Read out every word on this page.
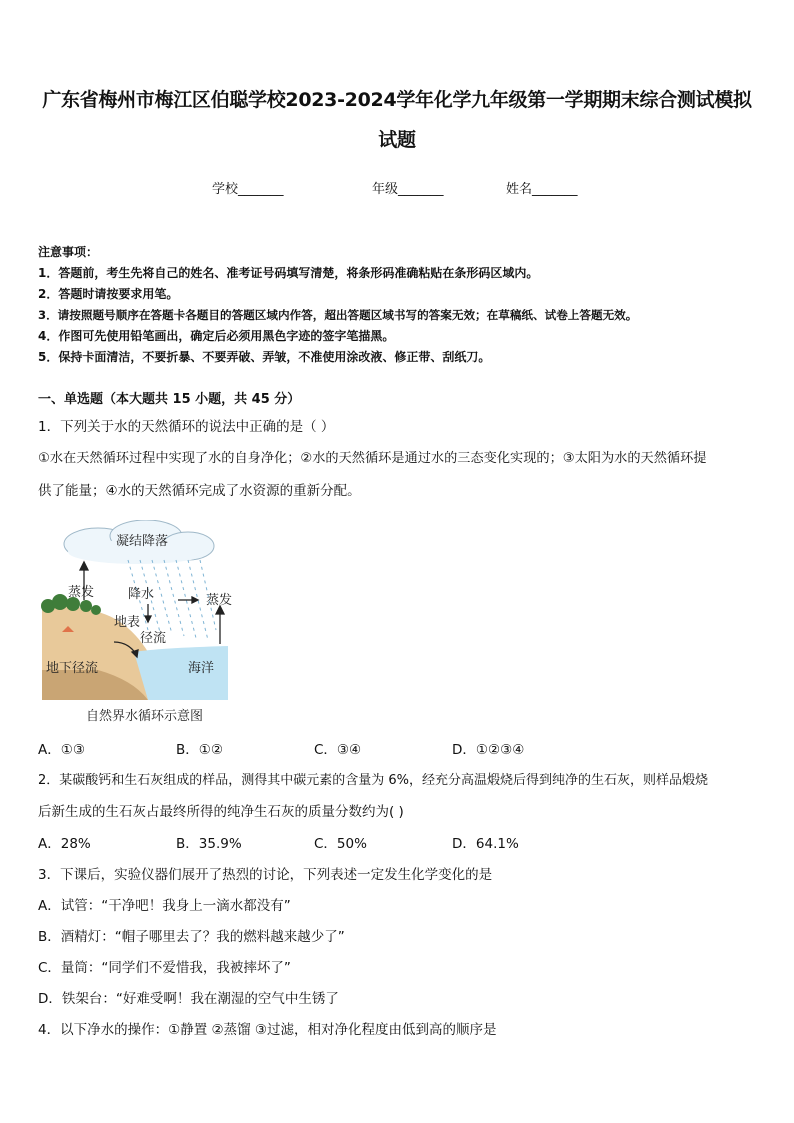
广东省梅州市梅江区伯聪学校2023-2024学年化学九年级第一学期期末综合测试模拟
试题
学校_______	年级_______	姓名_______
注意事项：
1．答题前，考生先将自己的姓名、准考证号码填写清楚，将条形码准确粘贴在条形码区域内。
2．答题时请按要求用笔。
3．请按照题号顺序在答题卡各题目的答题区域内作答，超出答题区域书写的答案无效；在草稿纸、试卷上答题无效。
4．作图可先使用铅笔画出，确定后必须用黑色字迹的签字笔描黑。
5．保持卡面清洁，不要折暴、不要弄破、弄皱，不准使用涂改液、修正带、刮纸刀。
一、单选题（本大题共 15 小题，共 45 分）
1．下列关于水的天然循环的说法中正确的是（ ）
①水在天然循环过程中实现了水的自身净化；②水的天然循环是通过水的三态变化实现的；③太阳为水的天然循环提
供了能量；④水的天然循环完成了水资源的重新分配。
凝结降落
蒸发	降水	蒸发
地表
径流
地下径流	海洋
自然界水循环示意图
A．①③	B．①②	C．③④	D．①②③④
2．某碳酸钙和生石灰组成的样品，测得其中碳元素的含量为 6%，经充分高温煅烧后得到纯净的生石灰，则样品煅烧
后新生成的生石灰占最终所得的纯净生石灰的质量分数约为( )
A．28%	B．35.9%	C．50%	D．64.1%
3．下课后，实验仪器们展开了热烈的讨论，下列表述一定发生化学变化的是
A．试管：“干净吧！我身上一滴水都没有”
B．酒精灯：“帽子哪里去了？我的燃料越来越少了”
C．量筒：“同学们不爱惜我，我被摔坏了”
D．铁架台：“好难受啊！我在潮湿的空气中生锈了
4．以下净水的操作：①静置 ②蒸馏 ③过滤，相对净化程度由低到高的顺序是
